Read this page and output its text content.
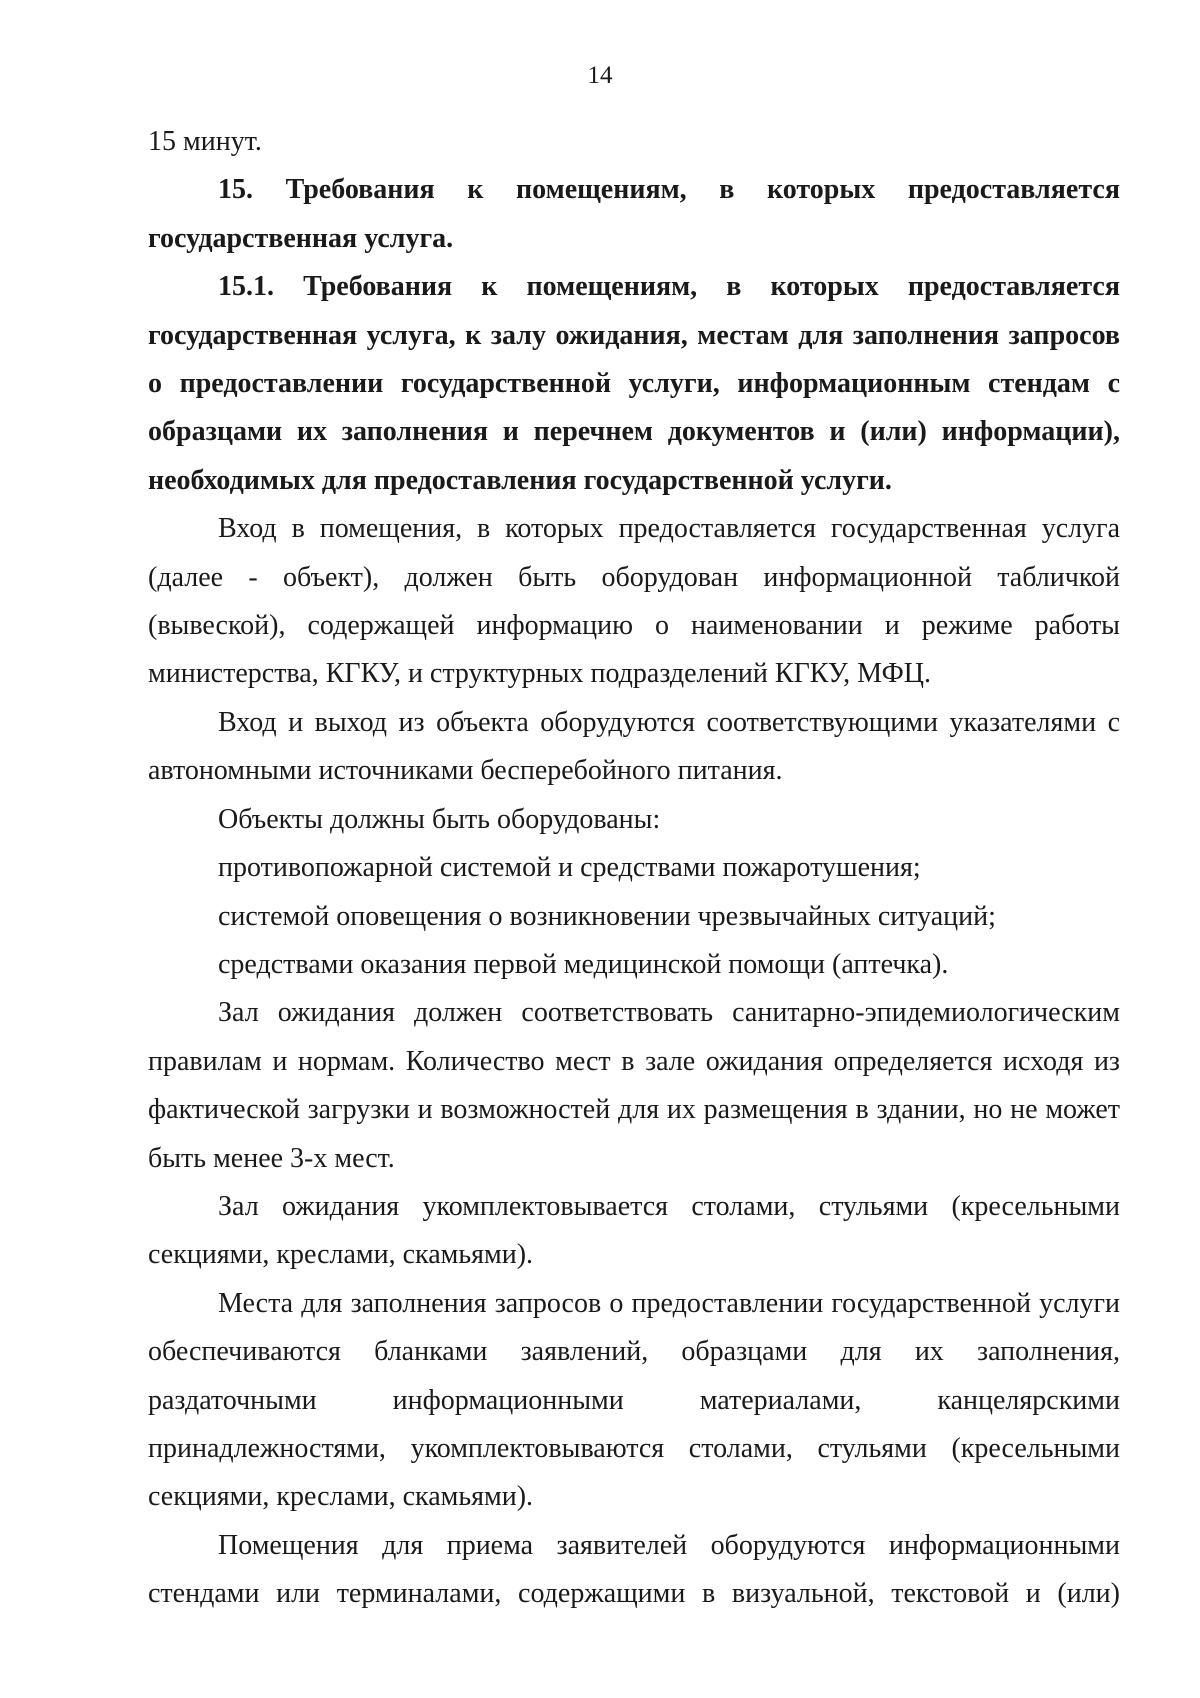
14

15 минут.

15. Требования к помещениям, в которых предоставляется государственная услуга.

15.1. Требования к помещениям, в которых предоставляется государственная услуга, к залу ожидания, местам для заполнения запросов о предоставлении государственной услуги, информационным стендам с образцами их заполнения и перечнем документов и (или) информации), необходимых для предоставления государственной услуги.

Вход в помещения, в которых предоставляется государственная услуга (далее - объект), должен быть оборудован информационной табличкой (вывеской), содержащей информацию о наименовании и режиме работы министерства, КГКУ, и структурных подразделений КГКУ, МФЦ.

Вход и выход из объекта оборудуются соответствующими указателями с автономными источниками бесперебойного питания.

Объекты должны быть оборудованы:

противопожарной системой и средствами пожаротушения;

системой оповещения о возникновении чрезвычайных ситуаций;

средствами оказания первой медицинской помощи (аптечка).

Зал ожидания должен соответствовать санитарно-эпидемиологическим правилам и нормам. Количество мест в зале ожидания определяется исходя из фактической загрузки и возможностей для их размещения в здании, но не может быть менее 3-х мест.

Зал ожидания укомплектовывается столами, стульями (кресельными секциями, креслами, скамьями).

Места для заполнения запросов о предоставлении государственной услуги обеспечиваются бланками заявлений, образцами для их заполнения, раздаточными информационными материалами, канцелярскими принадлежностями, укомплектовываются столами, стульями (кресельными секциями, креслами, скамьями).

Помещения для приема заявителей оборудуются информационными стендами или терминалами, содержащими в визуальной, текстовой и (или)
